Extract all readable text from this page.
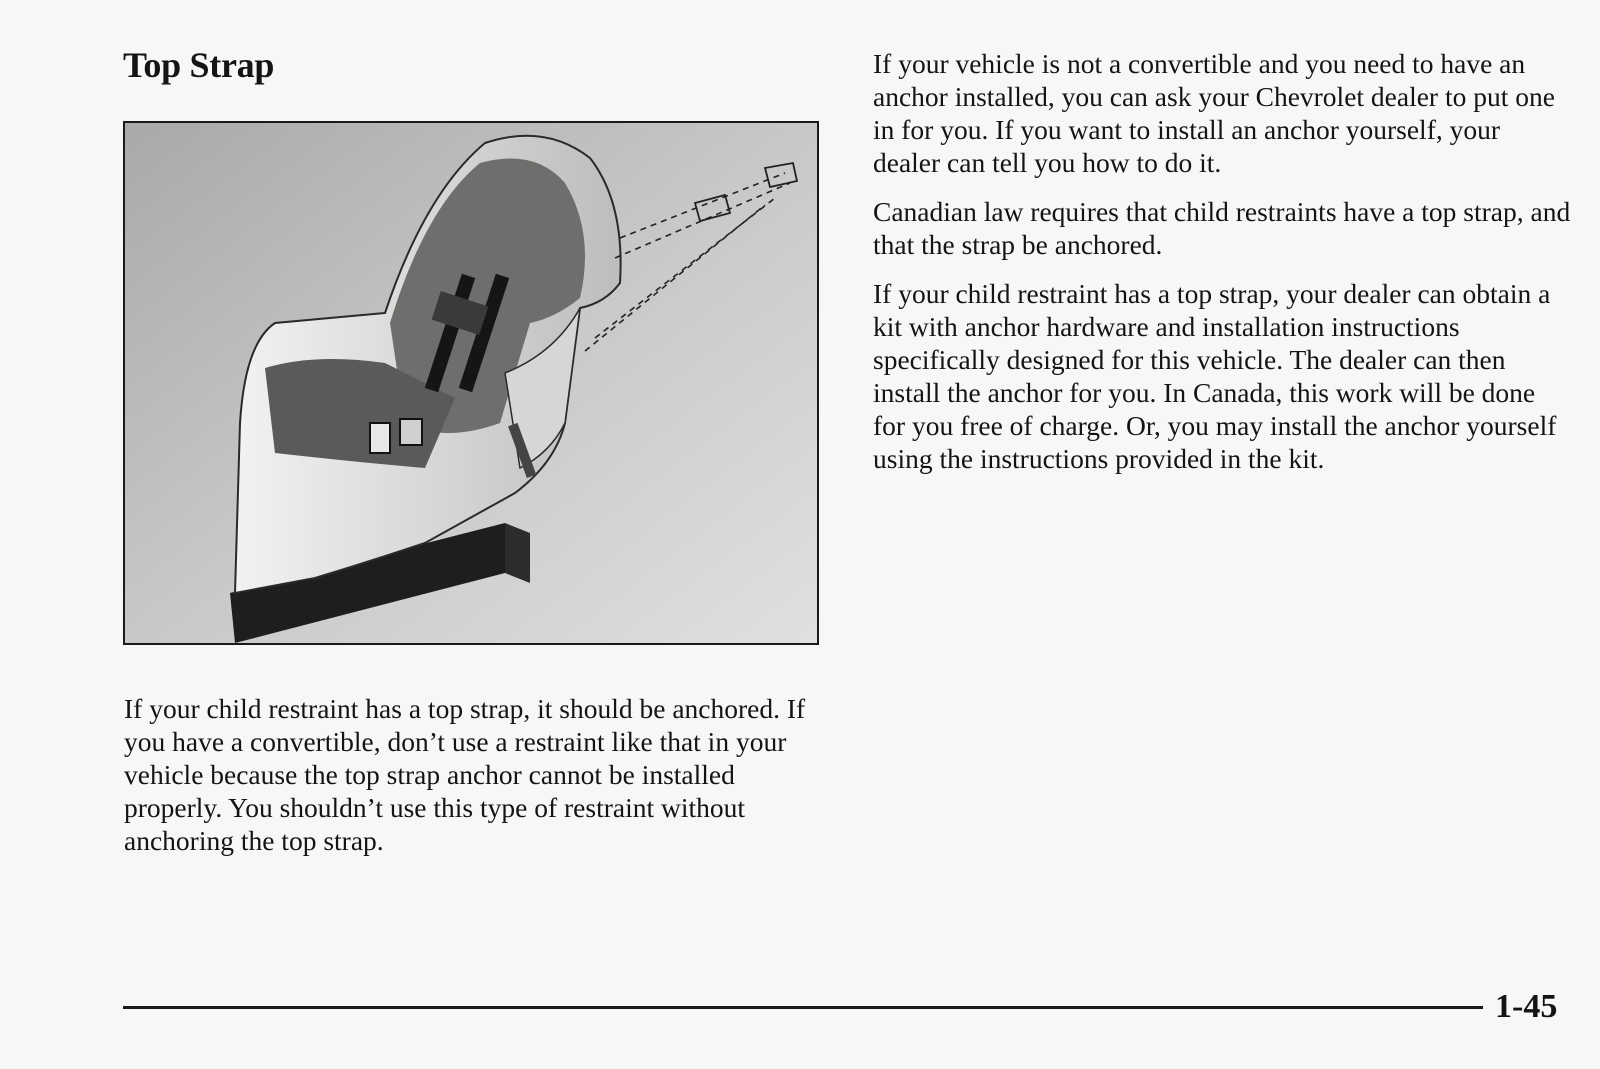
Top Strap

If your child restraint has a top strap, it should be anchored. If you have a convertible, don’t use a restraint like that in your vehicle because the top strap anchor cannot be installed properly. You shouldn’t use this type of restraint without anchoring the top strap.

If your vehicle is not a convertible and you need to have an anchor installed, you can ask your Chevrolet dealer to put one in for you. If you want to install an anchor yourself, your dealer can tell you how to do it.

Canadian law requires that child restraints have a top strap, and that the strap be anchored.

If your child restraint has a top strap, your dealer can obtain a kit with anchor hardware and installation instructions specifically designed for this vehicle. The dealer can then install the anchor for you. In Canada, this work will be done for you free of charge. Or, you may install the anchor yourself using the instructions provided in the kit.

1-45
